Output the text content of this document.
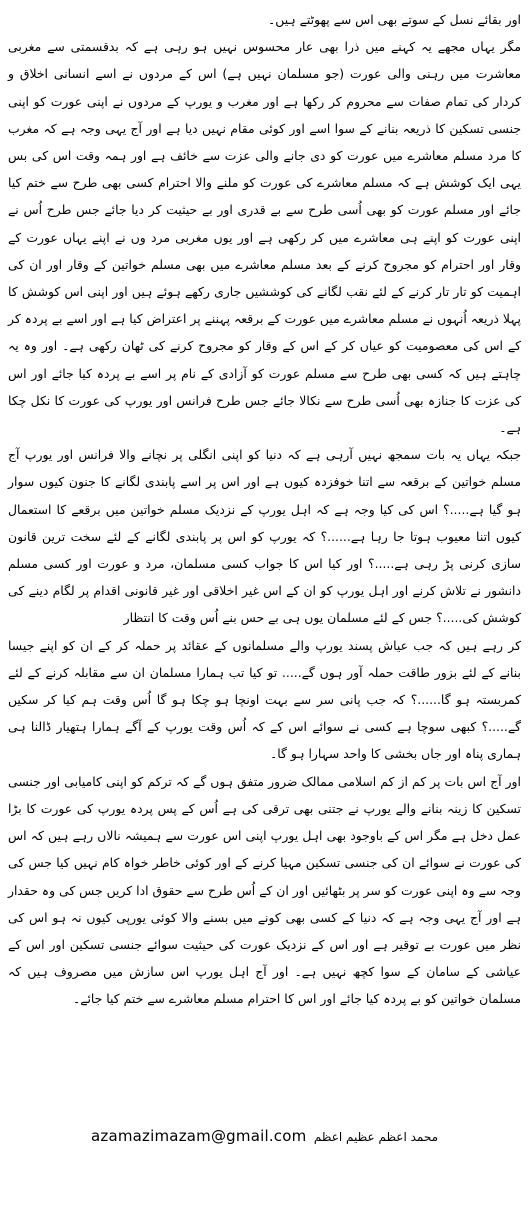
اور بقائے نسل کے سوتے بھی اس سے پھوٹتے ہیں۔

مگر یہاں مجھے یہ کہنے میں ذرا بھی عار محسوس نہیں ہو رہی ہے کہ بدقسمتی سے مغربی معاشرت میں رہنی والی عورت (جو مسلمان نہیں ہے) اس کے مردوں نے اسے انسانی اخلاق و کردار کی تمام صفات سے محروم کر رکھا ہے اور مغرب و یورپ کے مردوں نے اپنی عورت کو اپنی جنسی تسکین کا ذریعہ بنانے کے سوا اسے اور کوئی مقام نہیں دیا ہے اور آج یہی وجہ ہے کہ مغرب کا مرد مسلم معاشرے میں عورت کو دی جانے والی عزت سے خائف ہے اور ہمہ وقت اس کی بس یہی ایک کوشش ہے کہ مسلم معاشرے کی عورت کو ملنے والا احترام کسی بھی طرح سے ختم کیا جائے اور مسلم عورت کو بھی اُسی طرح سے بے قدری اور بے حیثیت کر دیا جائے جس طرح اُس نے اپنی عورت کو اپنے ہی معاشرے میں کر رکھی ہے اور یوں مغربی مرد وں نے اپنے یہاں عورت کے وقار اور احترام کو مجروح کرنے کے بعد مسلم معاشرے میں بھی مسلم خواتین کے وقار اور ان کی اہمیت کو تار تار کرنے کے لئے نقب لگانے کی کوششیں جاری رکھے ہوئے ہیں اور اپنی اس کوشش کا پہلا ذریعہ اُنہوں نے مسلم معاشرے میں عورت کے برقعہ پہننے پر اعتراض کیا ہے اور اسے بے پردہ کر کے اس کی معصومیت کو عیاں کر کے اس کے وقار کو مجروح کرنے کی ٹھان رکھی ہے۔ اور وہ یہ چاہتے ہیں کہ کسی بھی طرح سے مسلم عورت کو آزادی کے نام پر اسے بے پردہ کیا جائے اور اس کی عزت کا جنازہ بھی اُسی طرح سے نکالا جائے جس طرح فرانس اور یورپ کی عورت کا نکل چکا ہے۔

جبکہ یہاں یہ بات سمجھ نہیں آرہی ہے کہ دنیا کو اپنی انگلی پر نچانے والا فرانس اور یورپ آج مسلم خواتین کے برقعہ سے اتنا خوفزدہ کیوں ہے اور اس پر اسے پابندی لگانے کا جنون کیوں سوار ہو گیا ہے.....؟ اس کی کیا وجہ ہے کہ اہل یورپ کے نزدیک مسلم خواتین میں برقعے کا استعمال کیوں اتنا معیوب ہوتا جا رہا ہے......؟ کہ یورپ کو اس پر پابندی لگانے کے لئے سخت ترین قانون سازی کرنی پڑ رہی ہے.....؟ اور کیا اس کا جواب کسی مسلمان، مرد و عورت اور کسی مسلم دانشور نے تلاش کرنے اور اہل یورپ کو ان کے اس غیر اخلاقی اور غیر قانونی اقدام پر لگام دینے کی کوشش کی.....؟ جس کے لئے مسلمان یوں ہی بے حس بنے اُس وقت کا انتظار

کر رہے ہیں کہ جب عیاش پسند یورپ والے مسلمانوں کے عقائد پر حملہ کر کے ان کو اپنے جیسا بنانے کے لئے بزور طاقت حملہ آور ہوں گے..... تو کیا تب ہمارا مسلمان ان سے مقابلہ کرنے کے لئے کمربستہ ہو گا......؟ کہ جب پانی سر سے بہت اونچا ہو چکا ہو گا اُس وقت ہم کیا کر سکیں گے.....؟ کبھی سوچا ہے کسی نے سوائے اس کے کہ اُس وقت یورپ کے آگے ہمارا ہتھیار ڈالنا ہی ہماری پناہ اور جاں بخشی کا واحد سہارا ہو گا۔

اور آج اس بات پر کم از کم اسلامی ممالک ضرور متفق ہوں گے کہ ترکم کو اپنی کامیابی اور جنسی تسکین کا زینہ بنانے والے یورپ نے جتنی بھی ترقی کی ہے اُس کے پس پردہ یورپ کی عورت کا بڑا عمل دخل ہے مگر اس کے باوجود بھی اہل یورپ اپنی اس عورت سے ہمیشہ نالاں رہے ہیں کہ اس کی عورت نے سوائے ان کی جنسی تسکین مہیا کرنے کے اور کوئی خاطر خواہ کام نہیں کیا جس کی وجہ سے وہ اپنی عورت کو سر پر بٹھائیں اور ان کے اُس طرح سے حقوق ادا کریں جس کی وہ حقدار ہے اور آج یہی وجہ ہے کہ دنیا کے کسی بھی کونے میں بسنے والا کوئی یورپی کیوں نہ ہو اس کی نظر میں عورت بے توقیر ہے اور اس کے نزدیک عورت کی حیثیت سوائے جنسی تسکین اور اس کے عیاشی کے سامان کے سوا کچھ نہیں ہے۔ اور آج اہل یورپ اس سازش میں مصروف ہیں کہ مسلمان خواتین کو بے پردہ کیا جائے اور اس کا احترام مسلم معاشرے سے ختم کیا جائے۔

azamazimazam@gmail.com محمد اعظم عظیم اعظم
